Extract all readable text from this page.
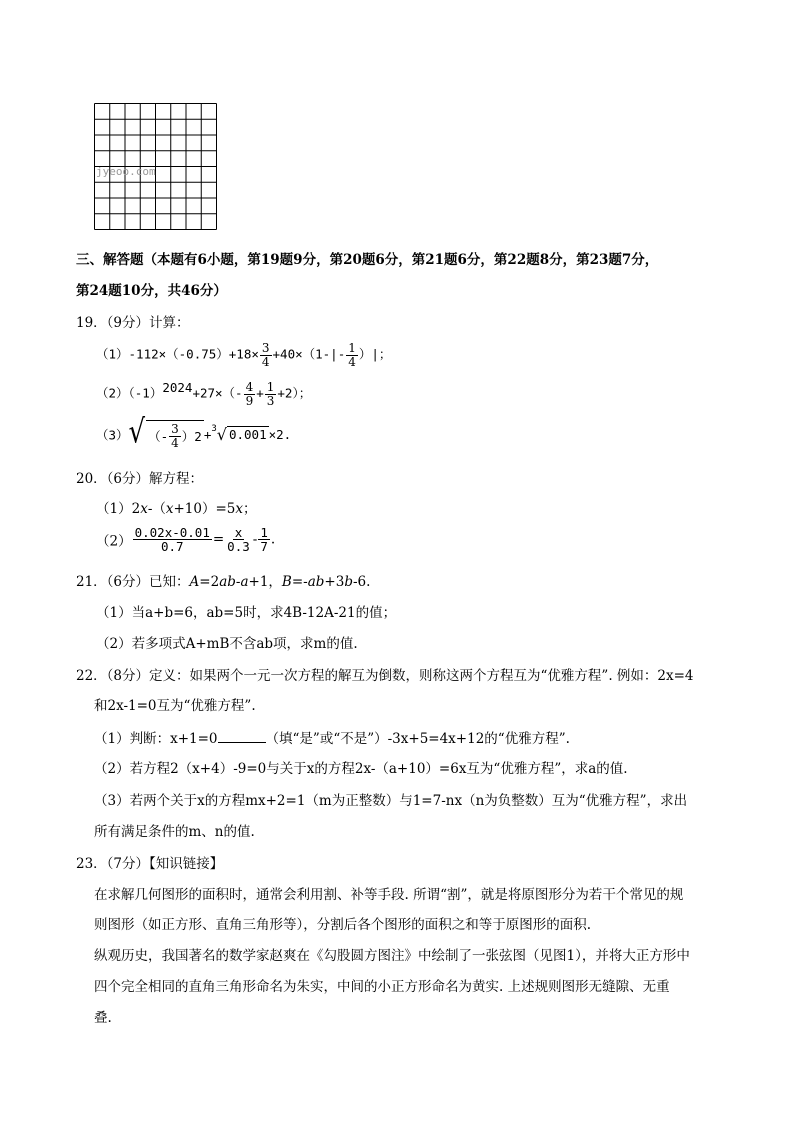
jyeoo.com
三、解答题（本题有6小题，第19题9分，第20题6分，第21题6分，第22题8分，第23题7分，
第24题10分，共46分）
19．（9分）计算：
$(1)-112\times(-0.75)+18\times \frac{3}{4} +40\times(1-|- \frac{1}{4}$ ）|；
$(2)(-1)^{2024}+27\times(- \frac{4}{9} + \frac{1}{3} +2)$；
（3） √ （- $\frac{3}{4}$ ） 2 + 3 √ 0.001 ×2.
20．（6分）解方程：
（1）2x-（x+10）=5x；
$(2) \frac{0.02x-0.01}{0.7} = \frac{x}{0.3} - \frac{1}{7}$ .
21．（6分）已知：A=2ab-a+1，B=-ab+3b-6.
（1）当a+b=6，ab=5时，求4B-12A-21的值；
（2）若多项式A+mB不含ab项，求m的值.
22．（8分）定义：如果两个一元一次方程的解互为倒数，则称这两个方程互为“优雅方程”. 例如：2x=4
和2x-1=0互为“优雅方程”.
（1）判断：x+1=0	（填“是”或“不是”）-3x+5=4x+12的“优雅方程”.
（2）若方程2（x+4）-9=0与关于x的方程2x-（a+10）=6x互为“优雅方程”，求a的值.
（3）若两个关于x的方程mx+2=1（m为正整数）与1=7-nx（n为负整数）互为“优雅方程”，求出
所有满足条件的m、n的值.
23．（7分）【知识链接】
在求解几何图形的面积时，通常会利用割、补等手段. 所谓“割”，就是将原图形分为若干个常见的规
则图形（如正方形、直角三角形等），分割后各个图形的面积之和等于原图形的面积.
纵观历史，我国著名的数学家赵爽在《勾股圆方图注》中绘制了一张弦图（见图1），并将大正方形中
四个完全相同的直角三角形命名为朱实，中间的小正方形命名为黄实. 上述规则图形无缝隙、无重
叠.
